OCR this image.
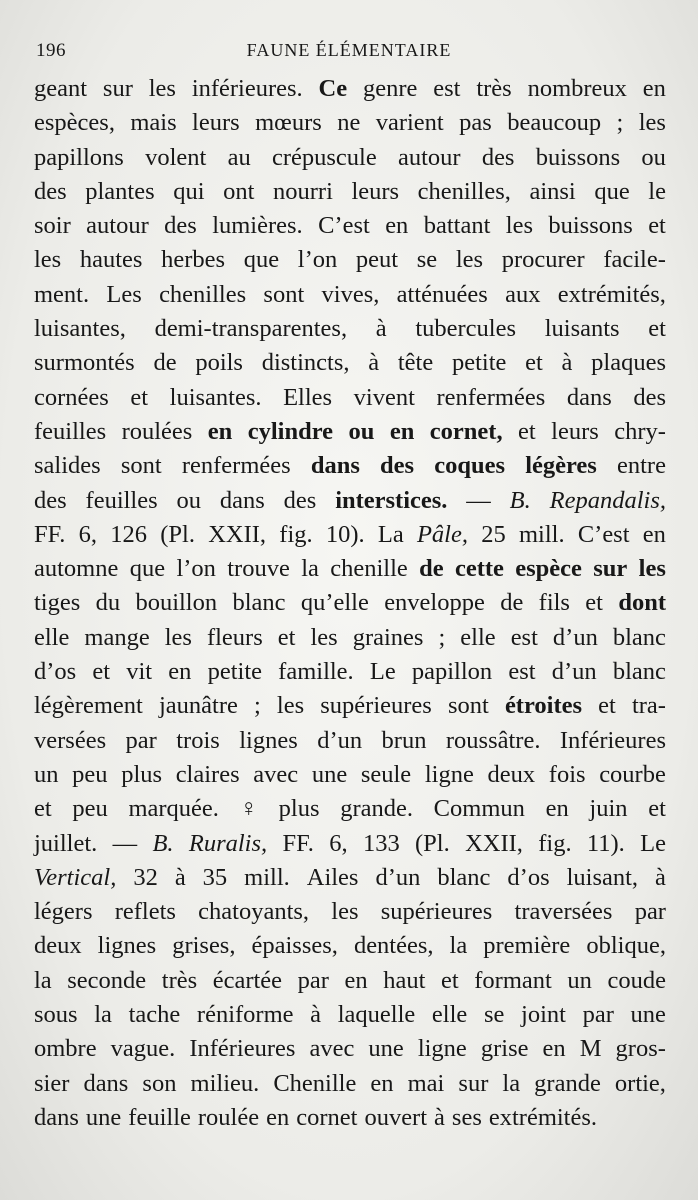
196	FAUNE ÉLÉMENTAIRE
geant sur les inférieures. Ce genre est très nombreux en
espèces, mais leurs mœurs ne varient pas beaucoup ; les
papillons volent au crépuscule autour des buissons ou
des plantes qui ont nourri leurs chenilles, ainsi que le
soir autour des lumières. C’est en battant les buissons et
les hautes herbes que l’on peut se les procurer facile-
ment. Les chenilles sont vives, atténuées aux extrémités,
luisantes, demi-transparentes, à tubercules luisants et
surmontés de poils distincts, à tête petite et à plaques
cornées et luisantes. Elles vivent renfermées dans des
feuilles roulées en cylindre ou en cornet, et leurs chry-
salides sont renfermées dans des coques légères entre
des feuilles ou dans des interstices. — B. Repandalis,
FF. 6, 126 (Pl. XXII, fig. 10). La Pâle, 25 mill. C’est en
automne que l’on trouve la chenille de cette espèce sur les
tiges du bouillon blanc qu’elle enveloppe de fils et dont
elle mange les fleurs et les graines ; elle est d’un blanc
d’os et vit en petite famille. Le papillon est d’un blanc
légèrement jaunâtre ; les supérieures sont étroites et tra-
versées par trois lignes d’un brun roussâtre. Inférieures
un peu plus claires avec une seule ligne deux fois courbe
et peu marquée. ♀ plus grande. Commun en juin et
juillet. — B. Ruralis, FF. 6, 133 (Pl. XXII, fig. 11). Le
Vertical, 32 à 35 mill. Ailes d’un blanc d’os luisant, à
légers reflets chatoyants, les supérieures traversées par
deux lignes grises, épaisses, dentées, la première oblique,
la seconde très écartée par en haut et formant un coude
sous la tache réniforme à laquelle elle se joint par une
ombre vague. Inférieures avec une ligne grise en M gros-
sier dans son milieu. Chenille en mai sur la grande ortie,
dans une feuille roulée en cornet ouvert à ses extrémités.
